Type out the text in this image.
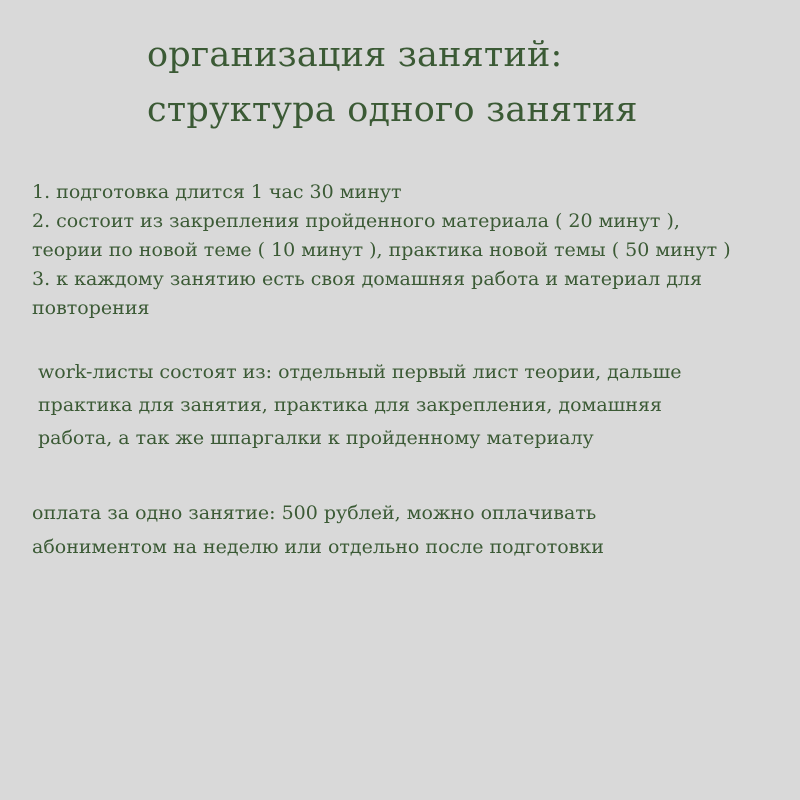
организация занятий:
структура одного занятия
1. подготовка длится 1 час 30 минут
2. состоит из закрепления пройденного материала ( 20 минут ),
теории по новой теме ( 10 минут ), практика новой темы ( 50 минут )
3. к каждому занятию есть своя домашняя работа и материал для
повторения
work-листы состоят из: отдельный первый лист теории, дальше
практика для занятия, практика для закрепления, домашняя
работа, а так же шпаргалки к пройденному материалу
оплата за одно занятие: 500 рублей, можно оплачивать
абониментом на неделю или отдельно после подготовки
